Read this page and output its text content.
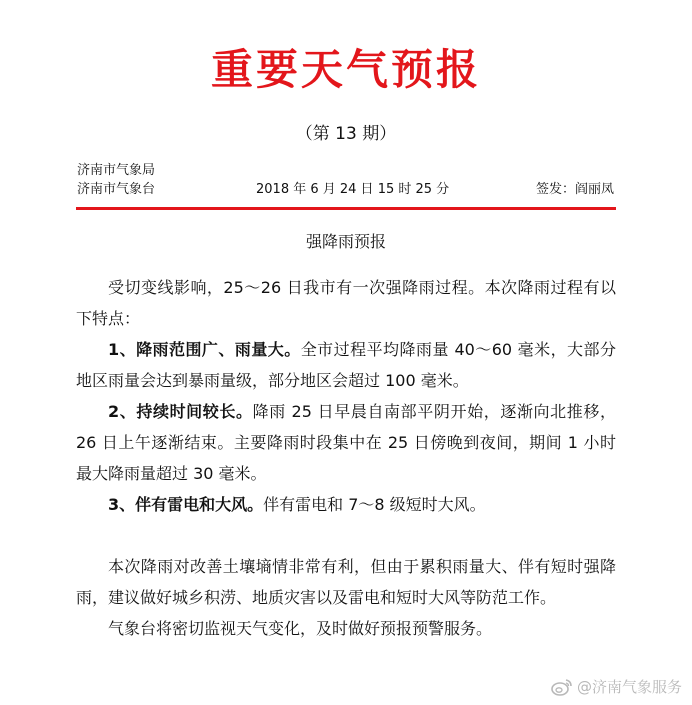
重要天气预报
（第 13 期）
济南市气象局
济南市气象台	2018 年 6 月 24 日 15 时 25 分	签发：阎丽凤
强降雨预报

受切变线影响，25～26 日我市有一次强降雨过程。本次降雨过程有以下特点：

1、降雨范围广、雨量大。全市过程平均降雨量 40～60 毫米，大部分地区雨量会达到暴雨量级，部分地区会超过 100 毫米。

2、持续时间较长。降雨 25 日早晨自南部平阴开始，逐渐向北推移，26 日上午逐渐结束。主要降雨时段集中在 25 日傍晚到夜间，期间 1 小时最大降雨量超过 30 毫米。

3、伴有雷电和大风。伴有雷电和 7～8 级短时大风。

本次降雨对改善土壤墒情非常有利，但由于累积雨量大、伴有短时强降雨，建议做好城乡积涝、地质灾害以及雷电和短时大风等防范工作。

气象台将密切监视天气变化，及时做好预报预警服务。

@济南气象服务
